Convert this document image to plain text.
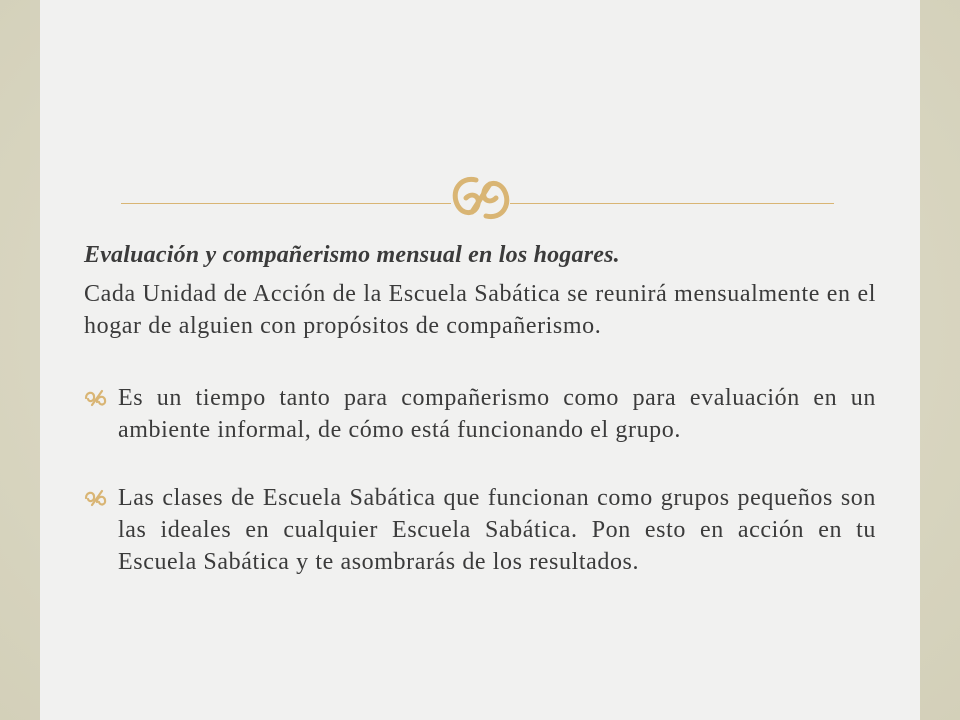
Evaluación y compañerismo mensual en los hogares.

Cada Unidad de Acción de la Escuela Sabática se reunirá mensualmente en el hogar de alguien con propósitos de compañerismo.

Es un tiempo tanto para compañerismo como para evaluación en un ambiente informal, de cómo está funcionando el grupo.
Las clases de Escuela Sabática que funcionan como grupos pequeños son las ideales en cualquier Escuela Sabática. Pon esto en acción en tu Escuela Sabática y te asombrarás de los resultados.
